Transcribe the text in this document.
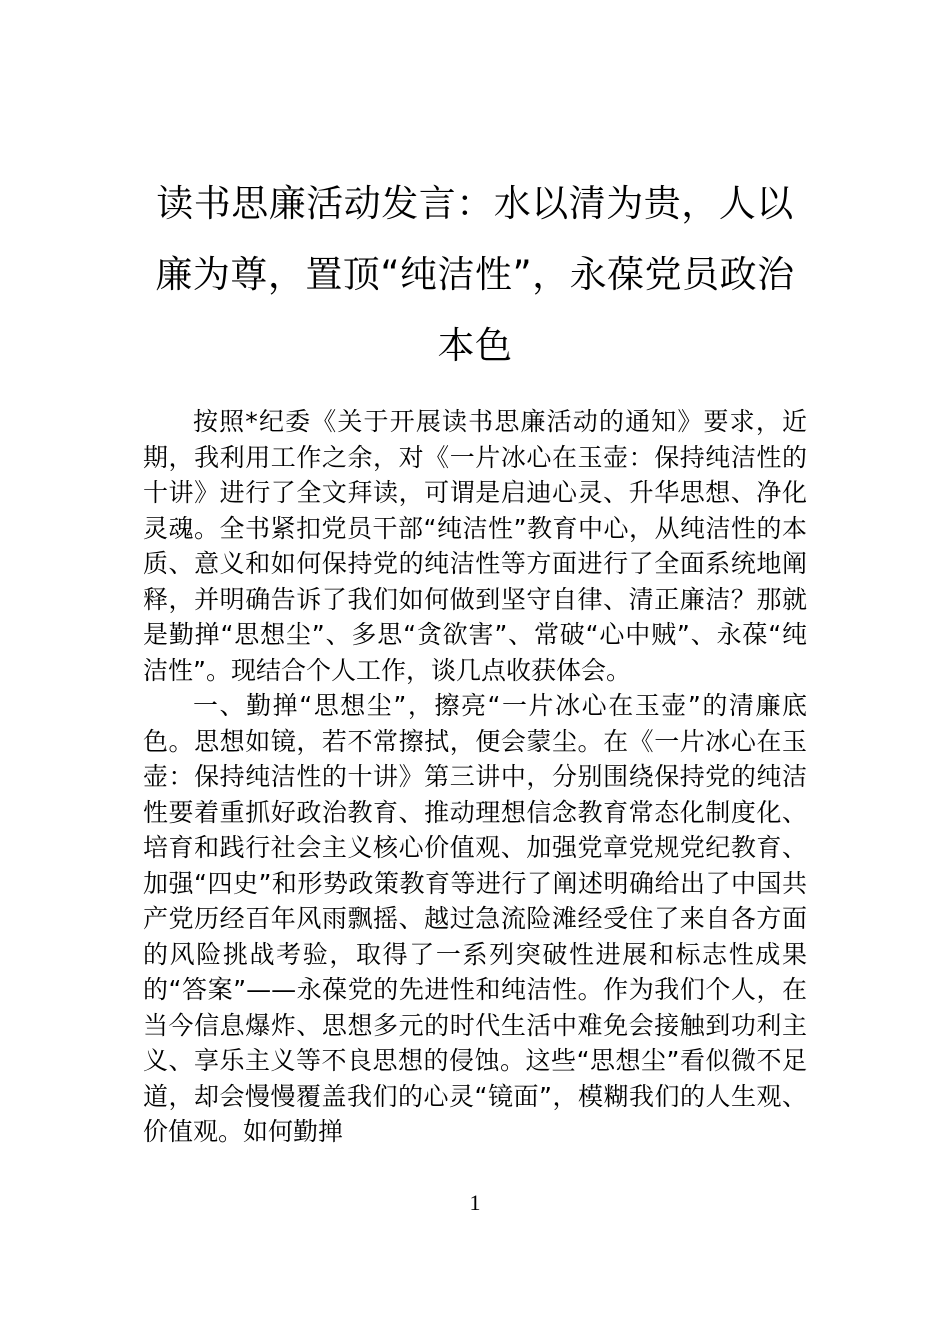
读书思廉活动发言：水以清为贵，人以廉为尊，置顶“纯洁性”，永葆党员政治本色

按照*纪委《关于开展读书思廉活动的通知》要求，近期，我利用工作之余，对《一片冰心在玉壶：保持纯洁性的十讲》进行了全文拜读，可谓是启迪心灵、升华思想、净化灵魂。全书紧扣党员干部“纯洁性”教育中心，从纯洁性的本质、意义和如何保持党的纯洁性等方面进行了全面系统地阐释，并明确告诉了我们如何做到坚守自律、清正廉洁？那就是勤掸“思想尘”、多思“贪欲害”、常破“心中贼”、永葆“纯洁性”。现结合个人工作，谈几点收获体会。

一、勤掸“思想尘”，擦亮“一片冰心在玉壶”的清廉底色。思想如镜，若不常擦拭，便会蒙尘。在《一片冰心在玉壶：保持纯洁性的十讲》第三讲中，分别围绕保持党的纯洁性要着重抓好政治教育、推动理想信念教育常态化制度化、培育和践行社会主义核心价值观、加强党章党规党纪教育、加强“四史”和形势政策教育等进行了阐述明确给出了中国共产党历经百年风雨飘摇、越过急流险滩经受住了来自各方面的风险挑战考验，取得了一系列突破性进展和标志性成果的“答案”——永葆党的先进性和纯洁性。作为我们个人，在当今信息爆炸、思想多元的时代生活中难免会接触到功利主义、享乐主义等不良思想的侵蚀。这些“思想尘”看似微不足道，却会慢慢覆盖我们的心灵“镜面”，模糊我们的人生观、价值观。如何勤掸

1
